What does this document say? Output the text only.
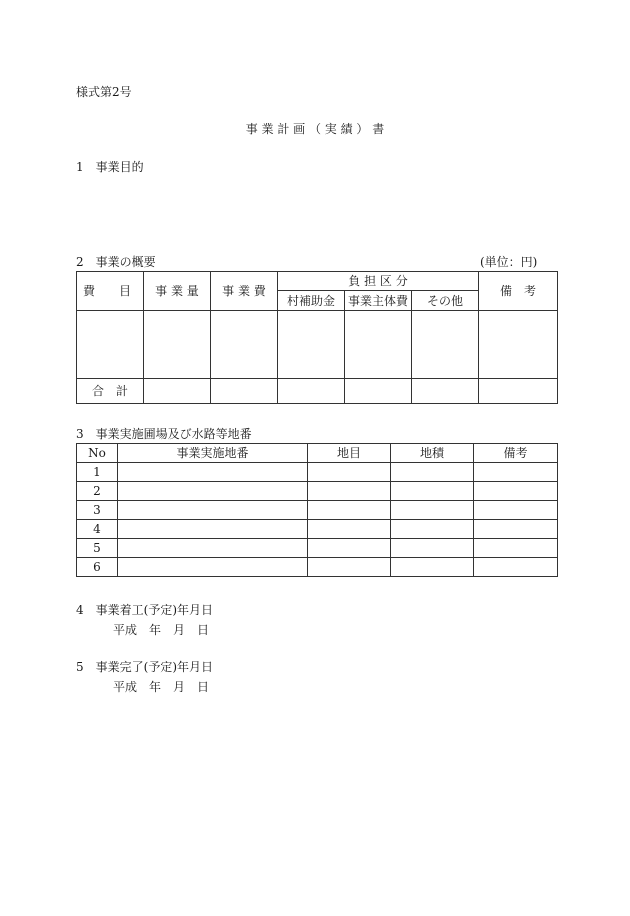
様式第2号
事 業 計 画 （ 実 績 ） 書
1　事業目的
2　事業の概要	(単位：円)
費　目	事 業 量	事 業 費	負 担 区 分			備　考
			村補助金	事業主体費	その他	

合　計						
3　事業実施圃場及び水路等地番
No	事業実施地番	地目	地積	備考
1				
2				
3				
4				
5				
6				
4　事業着工(予定)年月日
平成　年　月　日
5　事業完了(予定)年月日
平成　年　月　日
